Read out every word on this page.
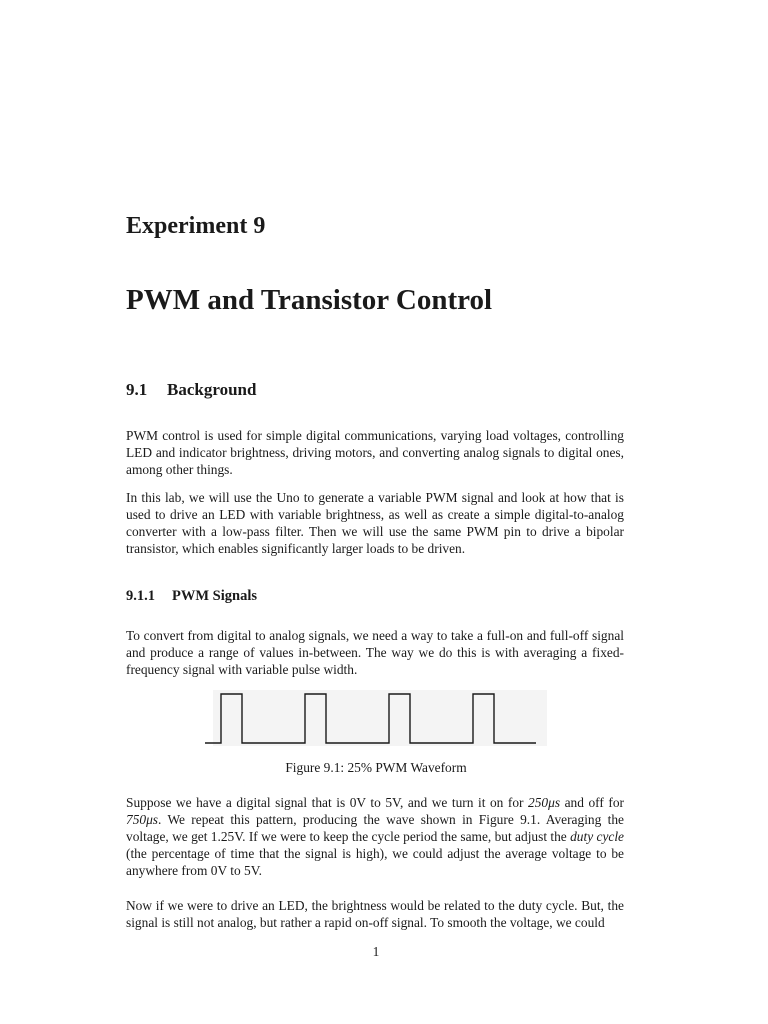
Experiment 9
PWM and Transistor Control
9.1 Background
PWM control is used for simple digital communications, varying load voltages, controlling LED and indicator brightness, driving motors, and converting analog signals to digital ones, among other things.
In this lab, we will use the Uno to generate a variable PWM signal and look at how that is used to drive an LED with variable brightness, as well as create a simple digital-to-analog converter with a low-pass filter. Then we will use the same PWM pin to drive a bipolar transistor, which enables significantly larger loads to be driven.
9.1.1 PWM Signals
To convert from digital to analog signals, we need a way to take a full-on and full-off signal and produce a range of values in-between. The way we do this is with averaging a fixed-frequency signal with variable pulse width.
Figure 9.1: 25% PWM Waveform
Suppose we have a digital signal that is 0V to 5V, and we turn it on for 250μs and off for 750μs. We repeat this pattern, producing the wave shown in Figure 9.1. Averaging the voltage, we get 1.25V. If we were to keep the cycle period the same, but adjust the duty cycle (the percentage of time that the signal is high), we could adjust the average voltage to be anywhere from 0V to 5V.
Now if we were to drive an LED, the brightness would be related to the duty cycle. But, the signal is still not analog, but rather a rapid on-off signal. To smooth the voltage, we could
1
